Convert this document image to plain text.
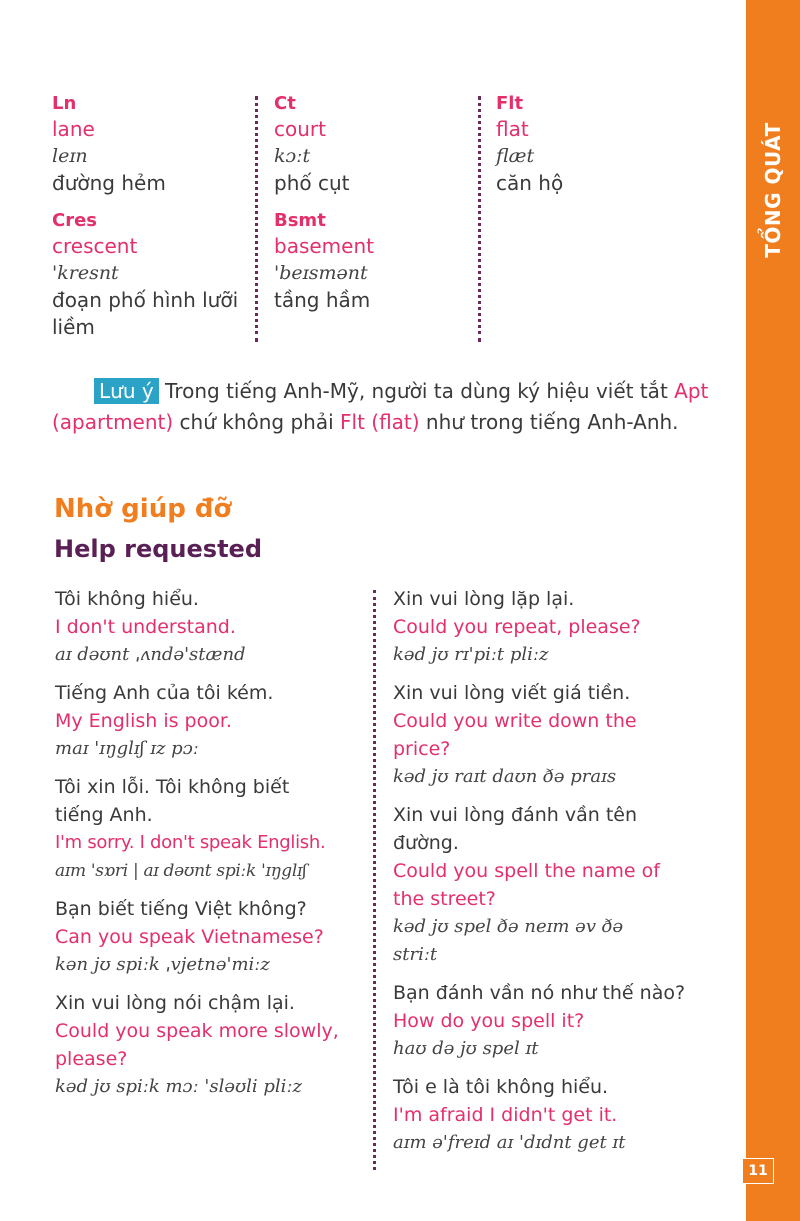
TỔNG QUÁT
11
Ln
lane
leɪn
đường hẻm
Cres
crescent
'kresnt
đoạn phố hình lưỡi liềm
Ct
court
kɔːt
phố cụt
Bsmt
basement
'beɪsmənt
tầng hầm
Flt
flat
flæt
căn hộ
Lưu ý Trong tiếng Anh-Mỹ, người ta dùng ký hiệu viết tắt Apt (apartment) chứ không phải Flt (flat) như trong tiếng Anh-Anh.
Nhờ giúp đỡ
Help requested
Tôi không hiểu.
I don't understand.
aɪ dəʊnt ˌʌndə'stænd
Tiếng Anh của tôi kém.
My English is poor.
maɪ 'ɪŋglɪʃ ɪz pɔː
Tôi xin lỗi. Tôi không biết tiếng Anh.
I'm sorry. I don't speak English.
aɪm 'sɒri | aɪ dəʊnt spiːk 'ɪŋglɪʃ
Bạn biết tiếng Việt không?
Can you speak Vietnamese?
kən jʊ spiːk ˌvjetnə'miːz
Xin vui lòng nói chậm lại.
Could you speak more slowly, please?
kəd jʊ spiːk mɔː 'sləʊli pliːz
Xin vui lòng lặp lại.
Could you repeat, please?
kəd jʊ rɪ'piːt pliːz
Xin vui lòng viết giá tiền.
Could you write down the price?
kəd jʊ raɪt daʊn ðə praɪs
Xin vui lòng đánh vần tên đường.
Could you spell the name of the street?
kəd jʊ spel ðə neɪm əv ðə striːt
Bạn đánh vần nó như thế nào?
How do you spell it?
haʊ də jʊ spel ɪt
Tôi e là tôi không hiểu.
I'm afraid I didn't get it.
aɪm ə'freɪd aɪ 'dɪdnt get ɪt
